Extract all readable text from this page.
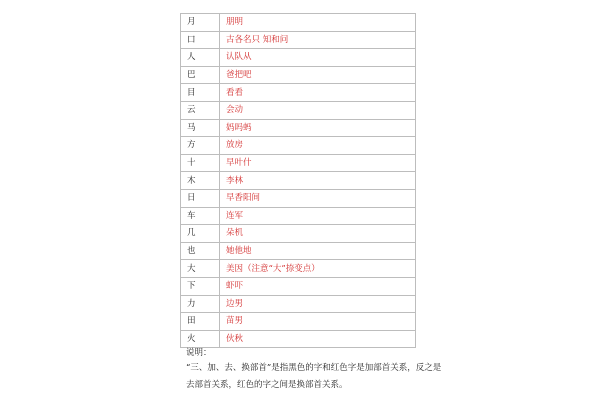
月	朋明
口	古各名只 知和问
人	认队从
巴	爸把吧
目	看看
云	会动
马	妈吗蚂
方	放房
十	早叶什
木	李林
日	早香阳间
车	连军
几	朵机
也	她他地
大	美因（注意“大”捺变点）
下	虾吓
力	边男
田	苗男
火	伙秋
说明：
“三、加、去、换部首”是指黑色的字和红色字是加部首关系，反之是去部首关系，红色的字之间是换部首关系。
